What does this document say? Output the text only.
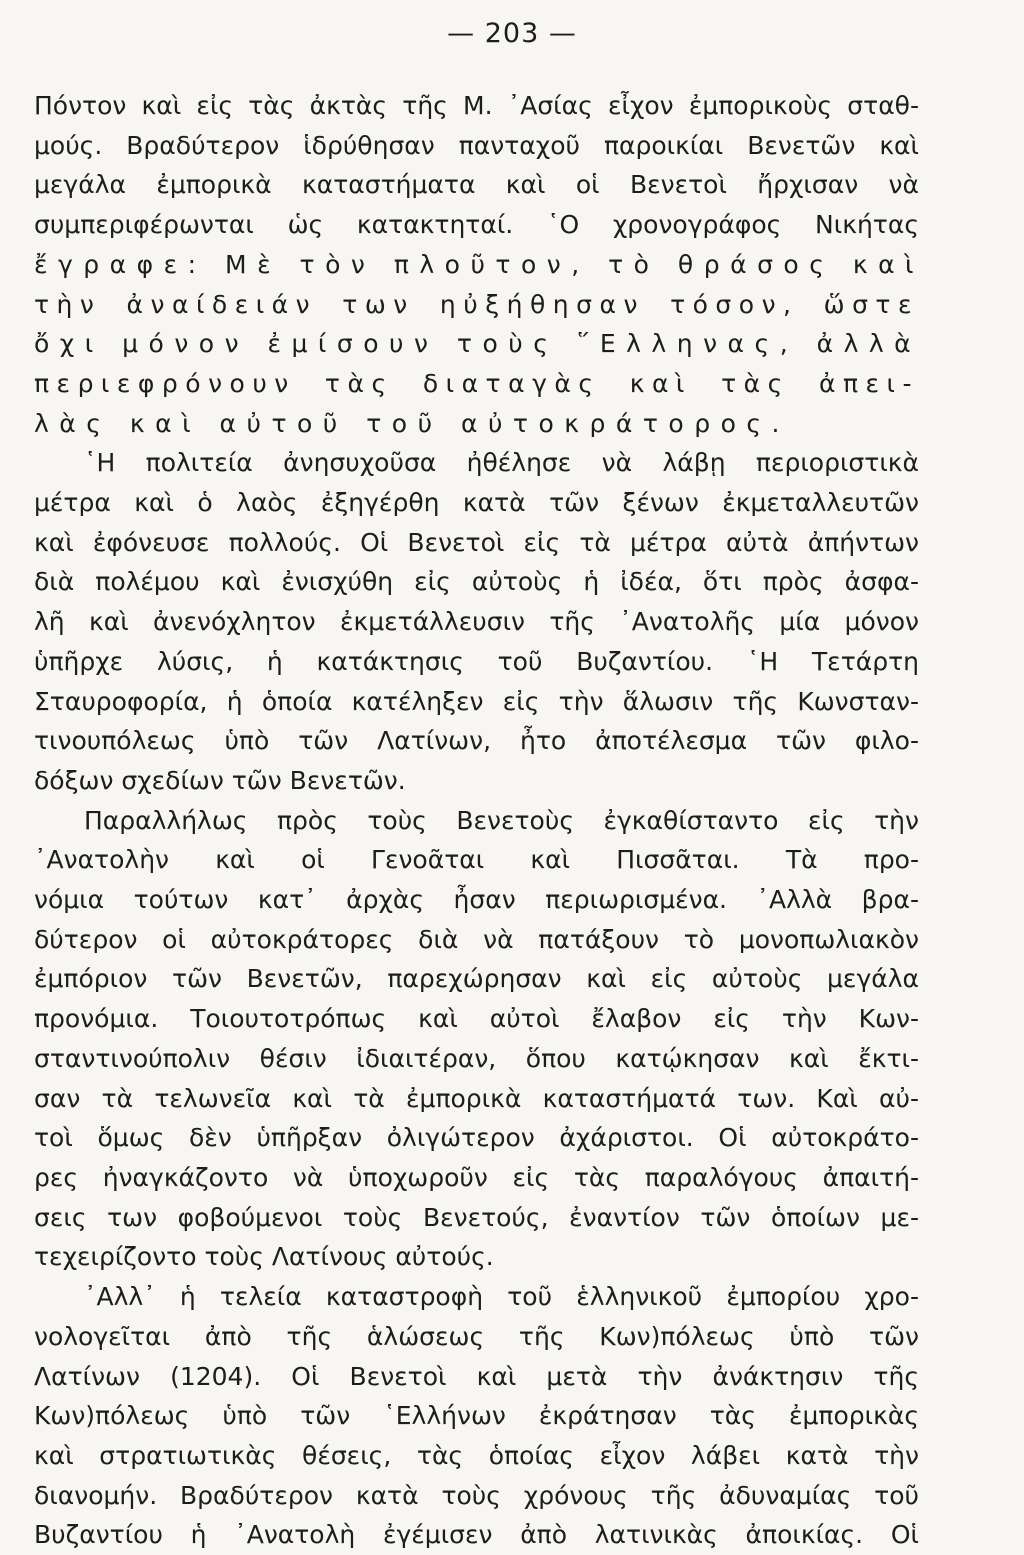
— 203 —
Πόντον καὶ εἰς τὰς ἀκτὰς τῆς Μ. ᾽Ασίας εἶχον ἐμπορικοὺς σταθ-
μούς. Βραδύτερον ἱδρύθησαν πανταχοῦ παροικίαι Βενετῶν καὶ
μεγάλα ἐμπορικὰ καταστήματα καὶ οἱ Βενετοὶ ἤρχισαν νὰ
συμπεριφέρωνται ὡς κατακτηταί. ῾Ο χρονογράφος Νικήτας
ἔγραφε: Μὲ τὸν πλοῦτον, τὸ θράσος καὶ
τὴν ἀναίδειάν των ηὐξήθησαν τόσον, ὥστε
ὄχι μόνον ἐμίσουν τοὺς ῞Ελληνας, ἀλλὰ
περιεφρόνουν τὰς διαταγὰς καὶ τὰς ἀπει-
λὰς καὶ αὐτοῦ τοῦ αὐτοκράτορος.
῾Η πολιτεία ἀνησυχοῦσα ἠθέλησε νὰ λάβῃ περιοριστικὰ
μέτρα καὶ ὁ λαὸς ἐξηγέρθη κατὰ τῶν ξένων ἐκμεταλλευτῶν
καὶ ἐφόνευσε πολλούς. Οἱ Βενετοὶ εἰς τὰ μέτρα αὐτὰ ἀπήντων
διὰ πολέμου καὶ ἐνισχύθη εἰς αὐτοὺς ἡ ἰδέα, ὅτι πρὸς ἀσφα-
λῆ καὶ ἀνενόχλητον ἐκμετάλλευσιν τῆς ᾽Ανατολῆς μία μόνον
ὑπῆρχε λύσις, ἡ κατάκτησις τοῦ Βυζαντίου. ῾Η Τετάρτη
Σταυροφορία, ἡ ὁποία κατέληξεν εἰς τὴν ἅλωσιν τῆς Κωνσταν-
τινουπόλεως ὑπὸ τῶν Λατίνων, ἦτο ἀποτέλεσμα τῶν φιλο-
δόξων σχεδίων τῶν Βενετῶν.
Παραλλήλως πρὸς τοὺς Βενετοὺς ἐγκαθίσταντο εἰς τὴν
᾽Ανατολὴν καὶ οἱ Γενοᾶται καὶ Πισσᾶται. Τὰ προ-
νόμια τούτων κατ᾽ ἀρχὰς ἦσαν περιωρισμένα. ᾽Αλλὰ βρα-
δύτερον οἱ αὐτοκράτορες διὰ νὰ πατάξουν τὸ μονοπωλιακὸν
ἐμπόριον τῶν Βενετῶν, παρεχώρησαν καὶ εἰς αὐτοὺς μεγάλα
προνόμια. Τοιουτοτρόπως καὶ αὐτοὶ ἔλαβον εἰς τὴν Κων-
σταντινούπολιν θέσιν ἰδιαιτέραν, ὅπου κατῴκησαν καὶ ἔκτι-
σαν τὰ τελωνεῖα καὶ τὰ ἐμπορικὰ καταστήματά των. Καὶ αὐ-
τοὶ ὅμως δὲν ὑπῆρξαν ὀλιγώτερον ἀχάριστοι. Οἱ αὐτοκράτο-
ρες ἠναγκάζοντο νὰ ὑποχωροῦν εἰς τὰς παραλόγους ἀπαιτή-
σεις των φοβούμενοι τοὺς Βενετούς, ἐναντίον τῶν ὁποίων με-
τεχειρίζοντο τοὺς Λατίνους αὐτούς.
᾽Αλλ᾽ ἡ τελεία καταστροφὴ τοῦ ἑλληνικοῦ ἐμπορίου χρο-
νολογεῖται ἀπὸ τῆς ἁλώσεως τῆς Κων)πόλεως ὑπὸ τῶν
Λατίνων (1204). Οἱ Βενετοὶ καὶ μετὰ τὴν ἀνάκτησιν τῆς
Κων)πόλεως ὑπὸ τῶν ῾Ελλήνων ἐκράτησαν τὰς ἐμπορικὰς
καὶ στρατιωτικὰς θέσεις, τὰς ὁποίας εἶχον λάβει κατὰ τὴν
διανομήν. Βραδύτερον κατὰ τοὺς χρόνους τῆς ἀδυναμίας τοῦ
Βυζαντίου ἡ ᾽Ανατολὴ ἐγέμισεν ἀπὸ λατινικὰς ἀποικίας. Οἱ
